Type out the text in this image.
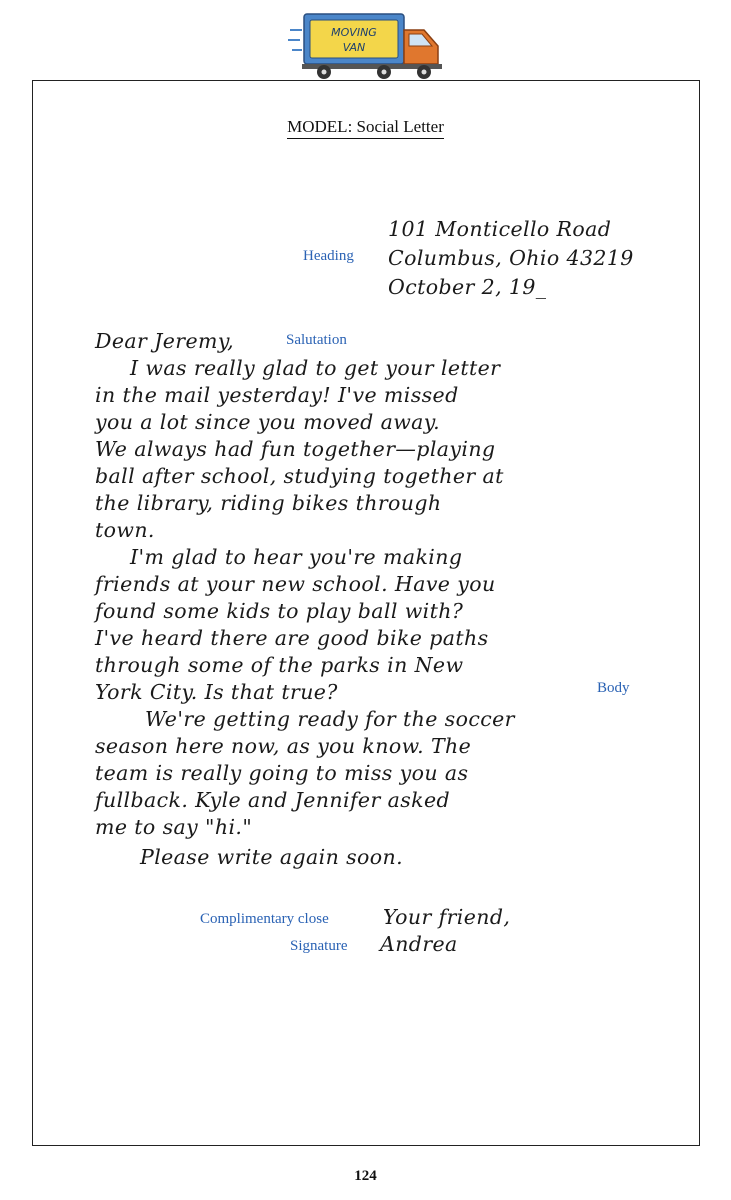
MOVING
VAN
MODEL: Social Letter
Heading
101 Monticello Road
Columbus, Ohio 43219
October 2, 19_
Dear Jeremy,	Salutation
I was really glad to get your letter
in the mail yesterday! I've missed
you a lot since you moved away.
We always had fun together—playing
ball after school, studying together at
the library, riding bikes through
town.
I'm glad to hear you're making
friends at your new school. Have you
found some kids to play ball with?
I've heard there are good bike paths
through some of the parks in New
York City. Is that true?	Body
We're getting ready for the soccer
season here now, as you know. The
team is really going to miss you as
fullback. Kyle and Jennifer asked
me to say "hi."
Please write again soon.
Complimentary close	Your friend,
Signature Andrea
124
